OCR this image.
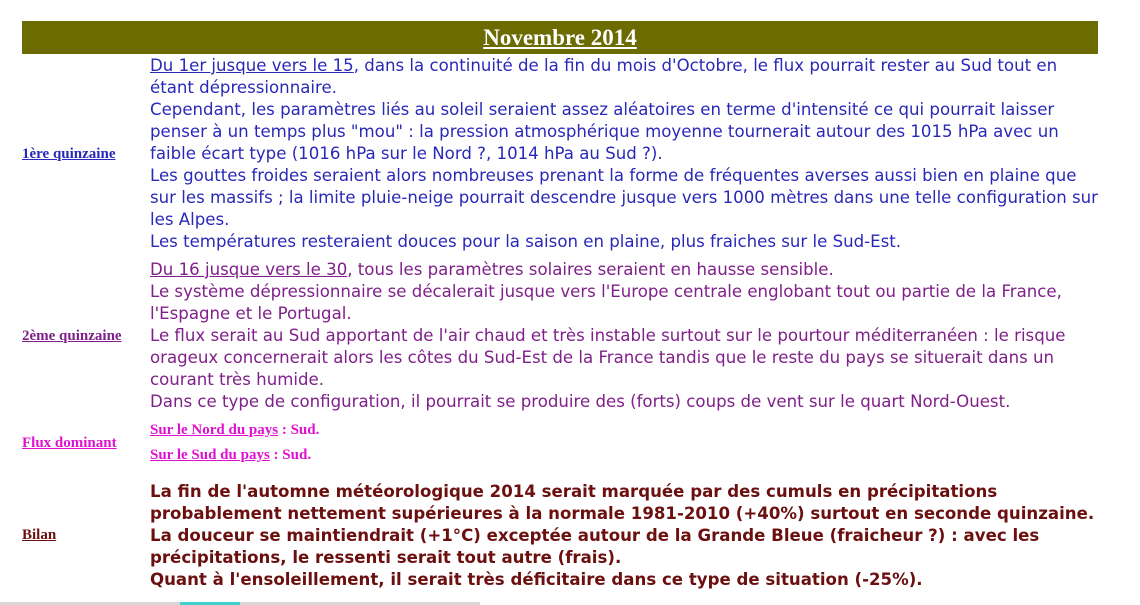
Novembre 2014
1ère quinzaine	Du 1er jusque vers le 15, dans la continuité de la fin du mois d'Octobre, le flux pourrait rester au Sud tout en étant dépressionnaire.

Cependant, les paramètres liés au soleil seraient assez aléatoires en terme d'intensité ce qui pourrait laisser penser à un temps plus "mou" : la pression atmosphérique moyenne tournerait autour des 1015 hPa avec un faible écart type (1016 hPa sur le Nord ?, 1014 hPa au Sud ?).

Les gouttes froides seraient alors nombreuses prenant la forme de fréquentes averses aussi bien en plaine que sur les massifs ; la limite pluie-neige pourrait descendre jusque vers 1000 mètres dans une telle configuration sur les Alpes.

Les températures resteraient douces pour la saison en plaine, plus fraiches sur le Sud-Est.

2ème quinzaine	Du 16 jusque vers le 30, tous les paramètres solaires seraient en hausse sensible.

Le système dépressionnaire se décalerait jusque vers l'Europe centrale englobant tout ou partie de la France, l'Espagne et le Portugal.

Le flux serait au Sud apportant de l'air chaud et très instable surtout sur le pourtour méditerranéen : le risque orageux concernerait alors les côtes du Sud-Est de la France tandis que le reste du pays se situerait dans un courant très humide.

Dans ce type de configuration, il pourrait se produire des (forts) coups de vent sur le quart Nord-Ouest.

Flux dominant	Sur le Nord du pays : Sud.
Sur le Sud du pays : Sud.

Bilan	La fin de l'automne météorologique 2014 serait marquée par des cumuls en précipitations probablement nettement supérieures à la normale 1981-2010 (+40%) surtout en seconde quinzaine.

La douceur se maintiendrait (+1°C) exceptée autour de la Grande Bleue (fraicheur ?) : avec les précipitations, le ressenti serait tout autre (frais).

Quant à l'ensoleillement, il serait très déficitaire dans ce type de situation (-25%).
